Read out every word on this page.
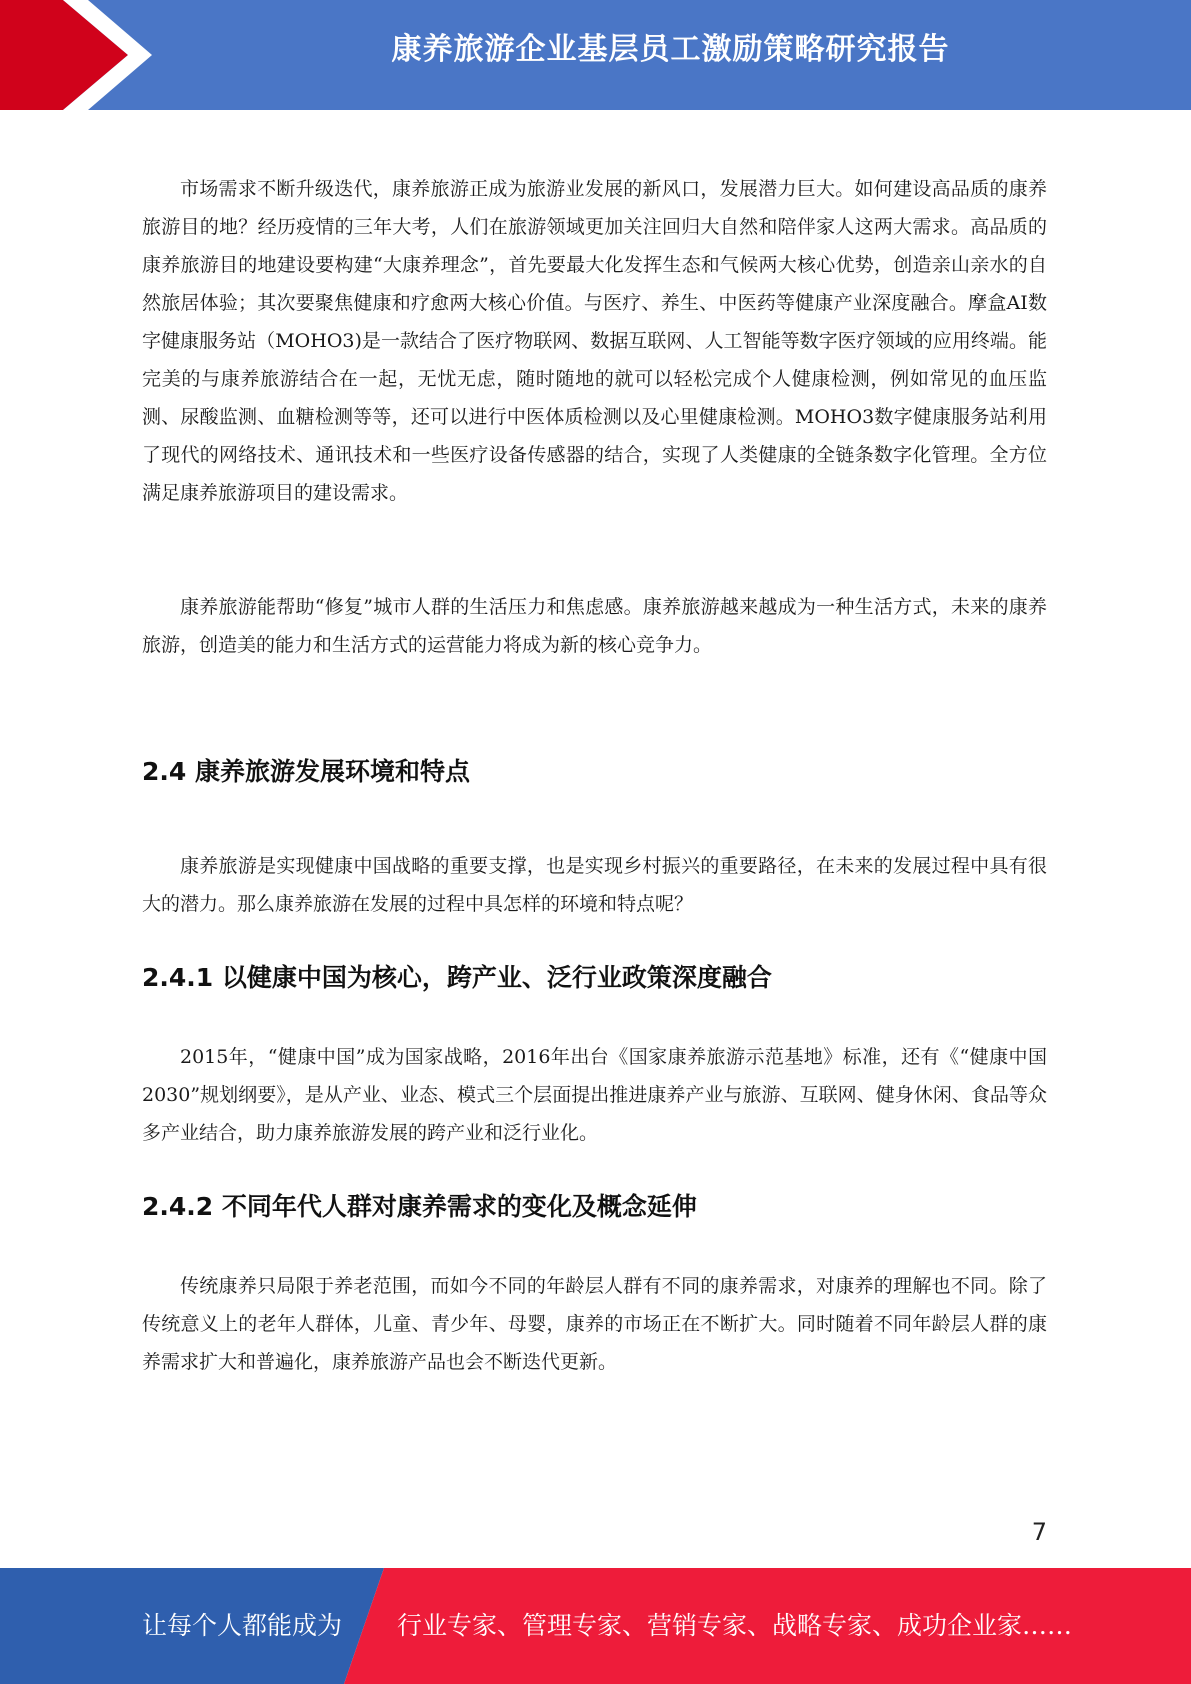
康养旅游企业基层员工激励策略研究报告

市场需求不断升级迭代，康养旅游正成为旅游业发展的新风口，发展潜力巨大。如何建设高品质的康养旅游目的地？经历疫情的三年大考，人们在旅游领域更加关注回归大自然和陪伴家人这两大需求。高品质的康养旅游目的地建设要构建“大康养理念”，首先要最大化发挥生态和气候两大核心优势，创造亲山亲水的自然旅居体验；其次要聚焦健康和疗愈两大核心价值。与医疗、养生、中医药等健康产业深度融合。摩盒AI数字健康服务站（MOHO3)是一款结合了医疗物联网、数据互联网、人工智能等数字医疗领域的应用终端。能完美的与康养旅游结合在一起，无忧无虑，随时随地的就可以轻松完成个人健康检测，例如常见的血压监测、尿酸监测、血糖检测等等，还可以进行中医体质检测以及心里健康检测。MOHO3数字健康服务站利用了现代的网络技术、通讯技术和一些医疗设备传感器的结合，实现了人类健康的全链条数字化管理。全方位满足康养旅游项目的建设需求。

康养旅游能帮助“修复”城市人群的生活压力和焦虑感。康养旅游越来越成为一种生活方式，未来的康养旅游，创造美的能力和生活方式的运营能力将成为新的核心竞争力。

2.4 康养旅游发展环境和特点

康养旅游是实现健康中国战略的重要支撑，也是实现乡村振兴的重要路径，在未来的发展过程中具有很大的潜力。那么康养旅游在发展的过程中具怎样的环境和特点呢？

2.4.1 以健康中国为核心，跨产业、泛行业政策深度融合

2015年，“健康中国”成为国家战略，2016年出台《国家康养旅游示范基地》标准，还有《“健康中国2030”规划纲要》，是从产业、业态、模式三个层面提出推进康养产业与旅游、互联网、健身休闲、食品等众多产业结合，助力康养旅游发展的跨产业和泛行业化。

2.4.2 不同年代人群对康养需求的变化及概念延伸

传统康养只局限于养老范围，而如今不同的年龄层人群有不同的康养需求，对康养的理解也不同。除了传统意义上的老年人群体，儿童、青少年、母婴，康养的市场正在不断扩大。同时随着不同年龄层人群的康养需求扩大和普遍化，康养旅游产品也会不断迭代更新。

7
让每个人都能成为 行业专家、管理专家、营销专家、战略专家、成功企业家……
